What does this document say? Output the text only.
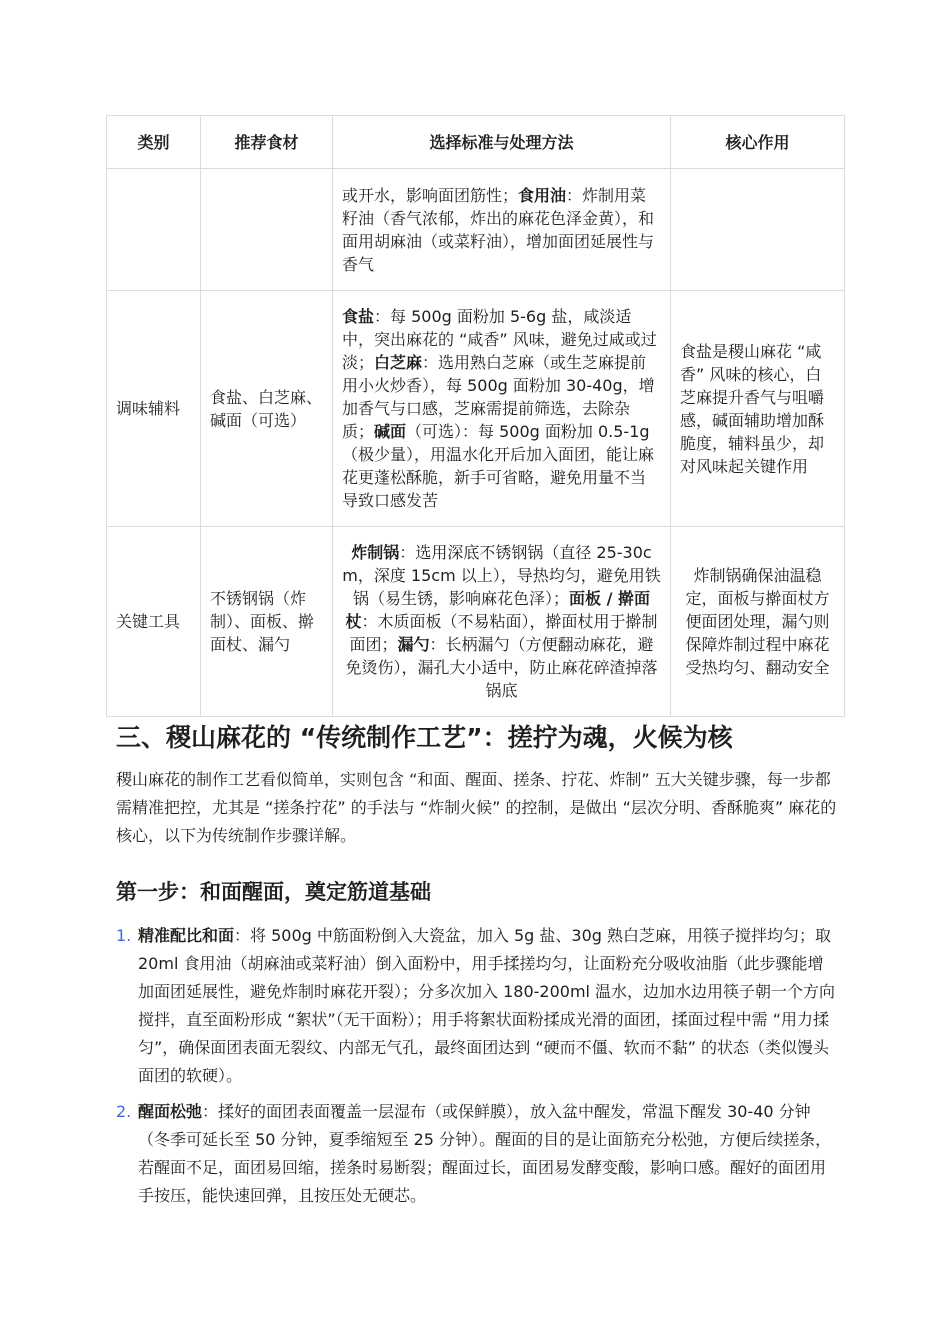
类别	推荐食材	选择标准与处理方法	核心作用
		或开水，影响面团筋性；食用油：炸制用菜籽油（香气浓郁，炸出的麻花色泽金黄），和面用胡麻油（或菜籽油），增加面团延展性与香气	
调味辅料	食盐、白芝麻、碱面（可选）	食盐：每 500g 面粉加 5-6g 盐，咸淡适中，突出麻花的 “咸香” 风味，避免过咸或过淡；白芝麻：选用熟白芝麻（或生芝麻提前用小火炒香），每 500g 面粉加 30-40g，增加香气与口感，芝麻需提前筛选，去除杂质；碱面（可选）：每 500g 面粉加 0.5-1g（极少量），用温水化开后加入面团，能让麻花更蓬松酥脆，新手可省略，避免用量不当导致口感发苦	食盐是稷山麻花 “咸香” 风味的核心，白芝麻提升香气与咀嚼感，碱面辅助增加酥脆度，辅料虽少，却对风味起关键作用
关键工具	不锈钢锅（炸制）、面板、擀面杖、漏勺	炸制锅：选用深底不锈钢锅（直径 25-30cm，深度 15cm 以上），导热均匀，避免用铁锅（易生锈，影响麻花色泽）；面板 / 擀面杖：木质面板（不易粘面），擀面杖用于擀制面团；漏勺：长柄漏勺（方便翻动麻花，避免烫伤），漏孔大小适中，防止麻花碎渣掉落锅底	炸制锅确保油温稳定，面板与擀面杖方便面团处理，漏勺则保障炸制过程中麻花受热均匀、翻动安全
三、稷山麻花的 “传统制作工艺”：搓拧为魂，火候为核

稷山麻花的制作工艺看似简单，实则包含 “和面、醒面、搓条、拧花、炸制” 五大关键步骤，每一步都需精准把控，尤其是 “搓条拧花” 的手法与 “炸制火候” 的控制，是做出 “层次分明、香酥脆爽” 麻花的核心，以下为传统制作步骤详解。

第一步：和面醒面，奠定筋道基础
1. 精准配比和面：将 500g 中筋面粉倒入大瓷盆，加入 5g 盐、30g 熟白芝麻，用筷子搅拌均匀；取 20ml 食用油（胡麻油或菜籽油）倒入面粉中，用手揉搓均匀，让面粉充分吸收油脂（此步骤能增加面团延展性，避免炸制时麻花开裂）；分多次加入 180-200ml 温水，边加水边用筷子朝一个方向搅拌，直至面粉形成 “絮状”（无干面粉）；用手将絮状面粉揉成光滑的面团，揉面过程中需 “用力揉匀”，确保面团表面无裂纹、内部无气孔，最终面团达到 “硬而不僵、软而不黏” 的状态（类似馒头面团的软硬）。
2. 醒面松弛：揉好的面团表面覆盖一层湿布（或保鲜膜），放入盆中醒发，常温下醒发 30-40 分钟（冬季可延长至 50 分钟，夏季缩短至 25 分钟）。醒面的目的是让面筋充分松弛，方便后续搓条，若醒面不足，面团易回缩，搓条时易断裂；醒面过长，面团易发酵变酸，影响口感。醒好的面团用手按压，能快速回弹，且按压处无硬芯。
